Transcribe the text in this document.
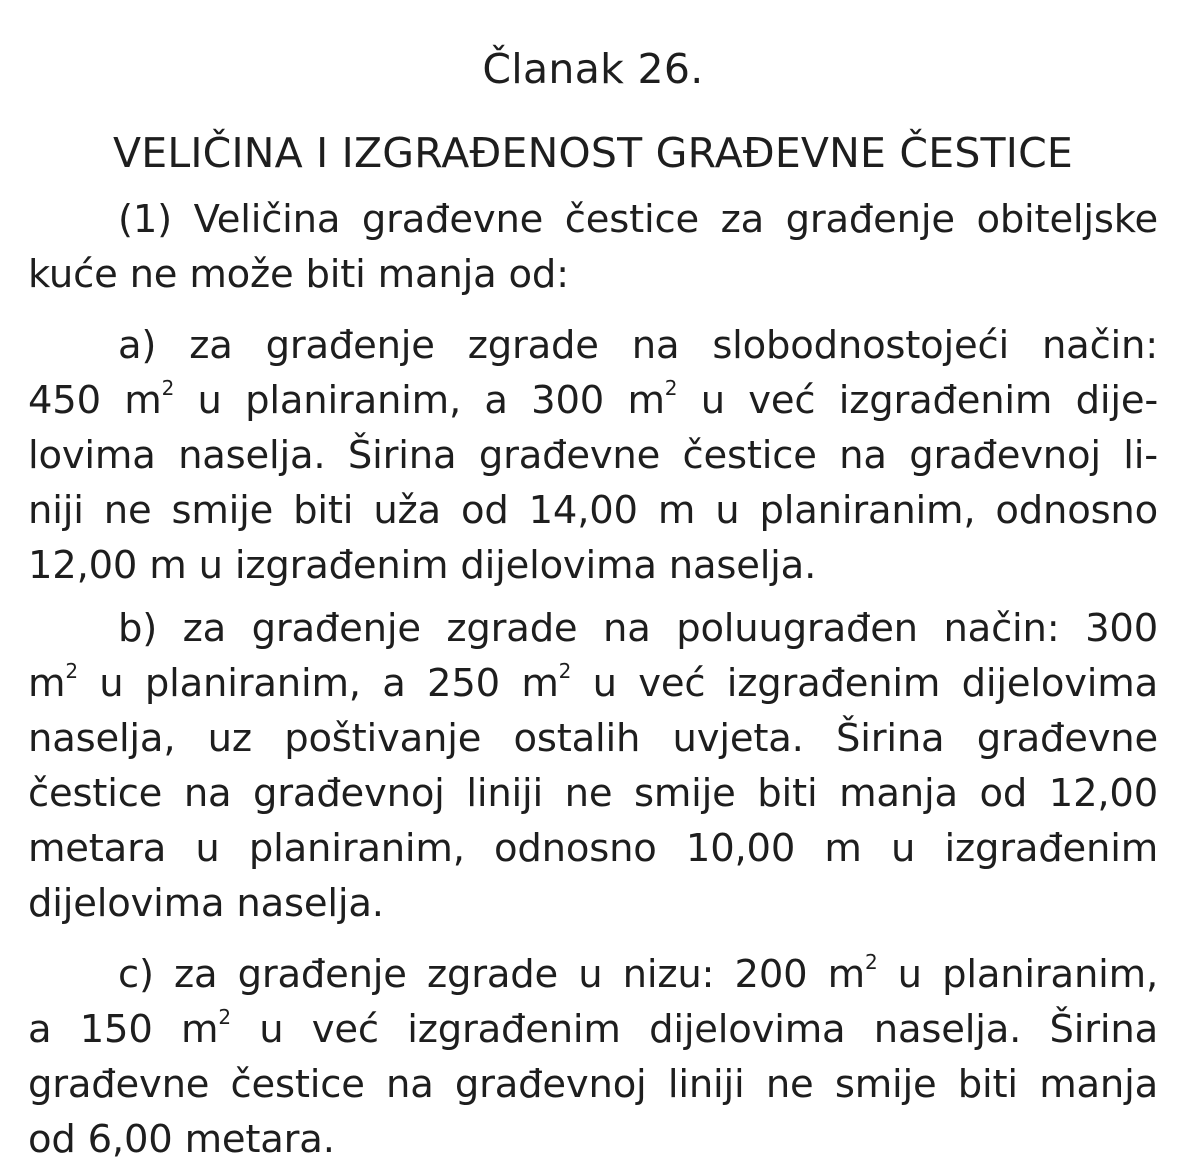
Članak 26.
VELIČINA I IZGRAĐENOST GRAĐEVNE ČESTICE
(1) Veličina građevne čestice za građenje obiteljske
kuće ne može biti manja od:
a) za građenje zgrade na slobodnostojeći način:
450 $m^2$ u planiranim, a 300 $m^2$ u već izgrađenim dije-
lovima naselja. Širina građevne čestice na građevnoj li-
niji ne smije biti uža od 14,00 m u planiranim, odnosno
12,00 m u izgrađenim dijelovima naselja.
b) za građenje zgrade na poluugrađen način: 300
$m^2$ u planiranim, a 250 $m^2$ u već izgrađenim dijelovima
naselja, uz poštivanje ostalih uvjeta. Širina građevne
čestice na građevnoj liniji ne smije biti manja od 12,00
metara u planiranim, odnosno 10,00 m u izgrađenim
dijelovima naselja.
c) za građenje zgrade u nizu: 200 $m^2$ u planiranim,
a 150 $m^2$ u već izgrađenim dijelovima naselja. Širina
građevne čestice na građevnoj liniji ne smije biti manja
od 6,00 metara.
